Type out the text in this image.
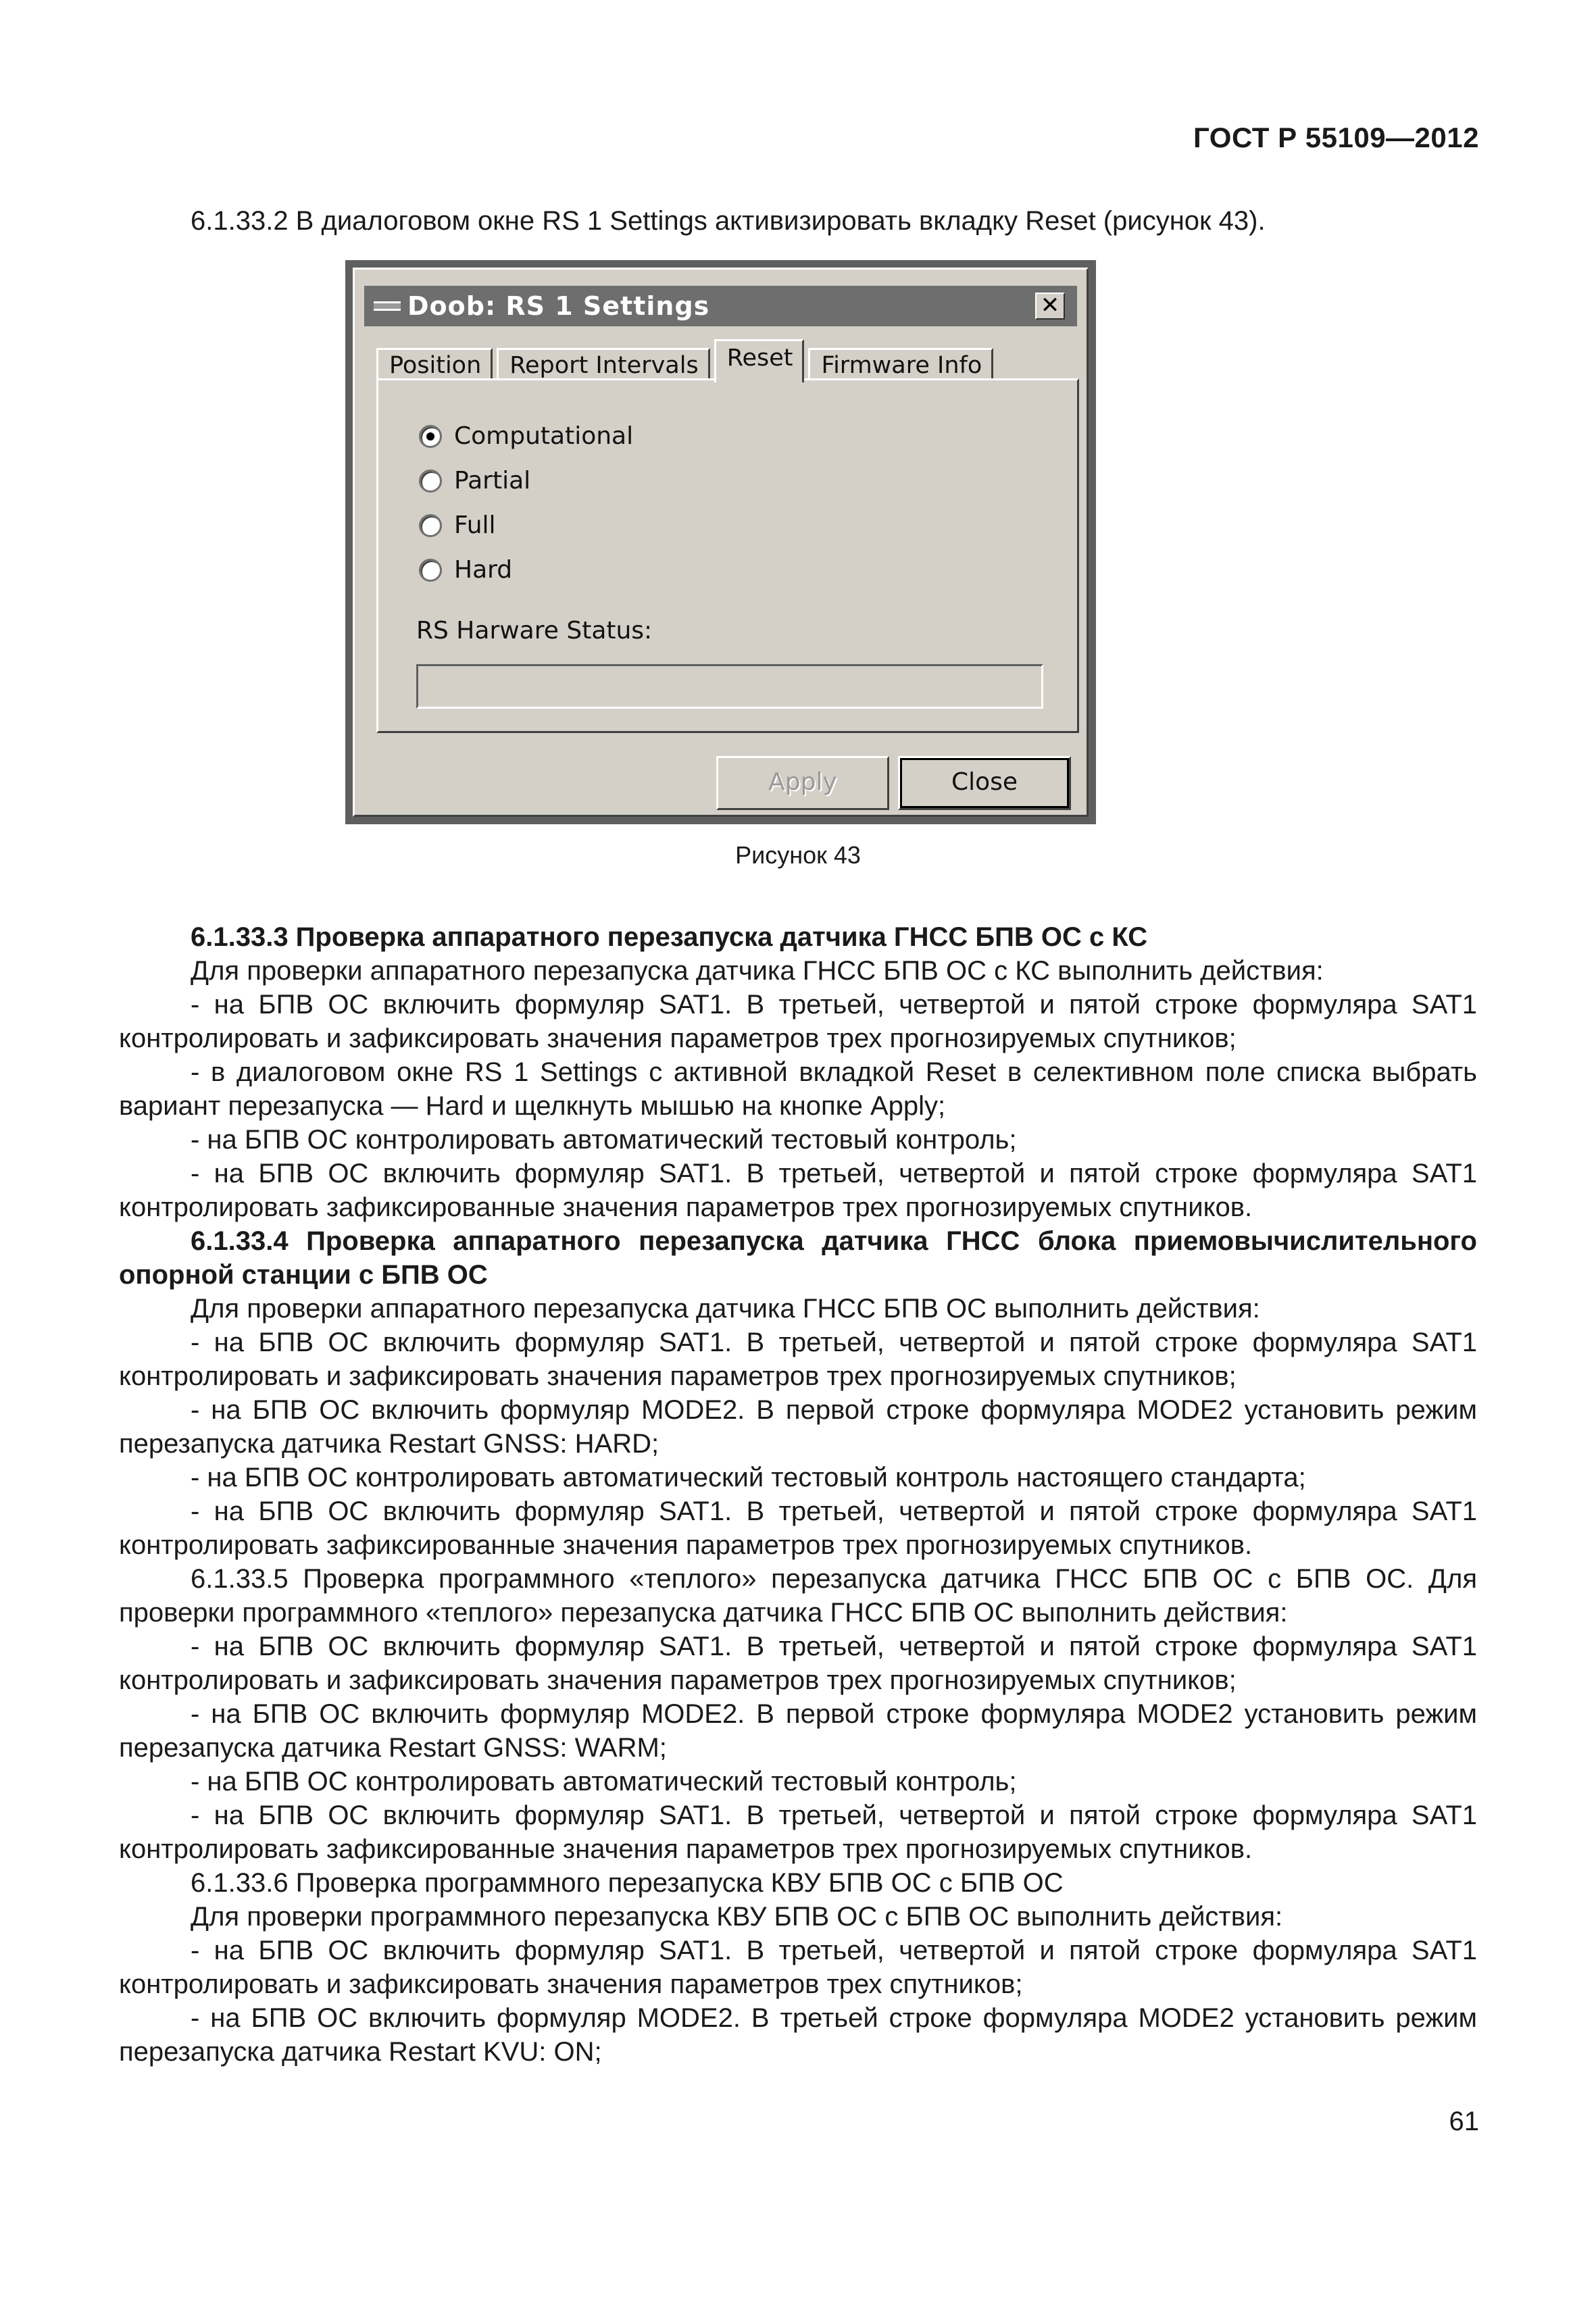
ГОСТ Р 55109—2012
6.1.33.2 В диалоговом окне RS 1 Settings активизировать вкладку Reset (рисунок 43).
Doob: RS 1 Settings	✕
Position	Report Intervals	Reset	Firmware Info
Computational
Partial
Full
Hard
RS Harware Status:
Apply	Close
Рисунок 43

6.1.33.3 Проверка аппаратного перезапуска датчика ГНСС БПВ ОС с КС

Для проверки аппаратного перезапуска датчика ГНСС БПВ ОС с КС выполнить действия:

- на БПВ ОС включить формуляр SAT1. В третьей, четвертой и пятой строке формуляра SAT1 контролировать и зафиксировать значения параметров трех прогнозируемых спутников;

- в диалоговом окне RS 1 Settings с активной вкладкой Reset в селективном поле списка выбрать вариант перезапуска — Hard и щелкнуть мышью на кнопке Apply;

- на БПВ ОС контролировать автоматический тестовый контроль;

- на БПВ ОС включить формуляр SAT1. В третьей, четвертой и пятой строке формуляра SAT1 контролировать зафиксированные значения параметров трех прогнозируемых спутников.

6.1.33.4 Проверка аппаратного перезапуска датчика ГНСС блока приемовычислительного опорной станции с БПВ ОС

Для проверки аппаратного перезапуска датчика ГНСС БПВ ОС выполнить действия:

- на БПВ ОС включить формуляр SAT1. В третьей, четвертой и пятой строке формуляра SAT1 контролировать и зафиксировать значения параметров трех прогнозируемых спутников;

- на БПВ ОС включить формуляр MODE2. В первой строке формуляра MODE2 установить режим перезапуска датчика Restart GNSS: HARD;

- на БПВ ОС контролировать автоматический тестовый контроль настоящего стандарта;

- на БПВ ОС включить формуляр SAT1. В третьей, четвертой и пятой строке формуляра SAT1 контролировать зафиксированные значения параметров трех прогнозируемых спутников.

6.1.33.5 Проверка программного «теплого» перезапуска датчика ГНСС БПВ ОС с БПВ ОС. Для проверки программного «теплого» перезапуска датчика ГНСС БПВ ОС выполнить действия:

- на БПВ ОС включить формуляр SAT1. В третьей, четвертой и пятой строке формуляра SAT1 контролировать и зафиксировать значения параметров трех прогнозируемых спутников;

- на БПВ ОС включить формуляр MODE2. В первой строке формуляра MODE2 установить режим перезапуска датчика Restart GNSS: WARM;

- на БПВ ОС контролировать автоматический тестовый контроль;

- на БПВ ОС включить формуляр SAT1. В третьей, четвертой и пятой строке формуляра SAT1 контролировать зафиксированные значения параметров трех прогнозируемых спутников.

6.1.33.6 Проверка программного перезапуска КВУ БПВ ОС с БПВ ОС

Для проверки программного перезапуска КВУ БПВ ОС с БПВ ОС выполнить действия:

- на БПВ ОС включить формуляр SAT1. В третьей, четвертой и пятой строке формуляра SAT1 контролировать и зафиксировать значения параметров трех спутников;

- на БПВ ОС включить формуляр MODE2. В третьей строке формуляра MODE2 установить режим перезапуска датчика Restart KVU: ON;

61
